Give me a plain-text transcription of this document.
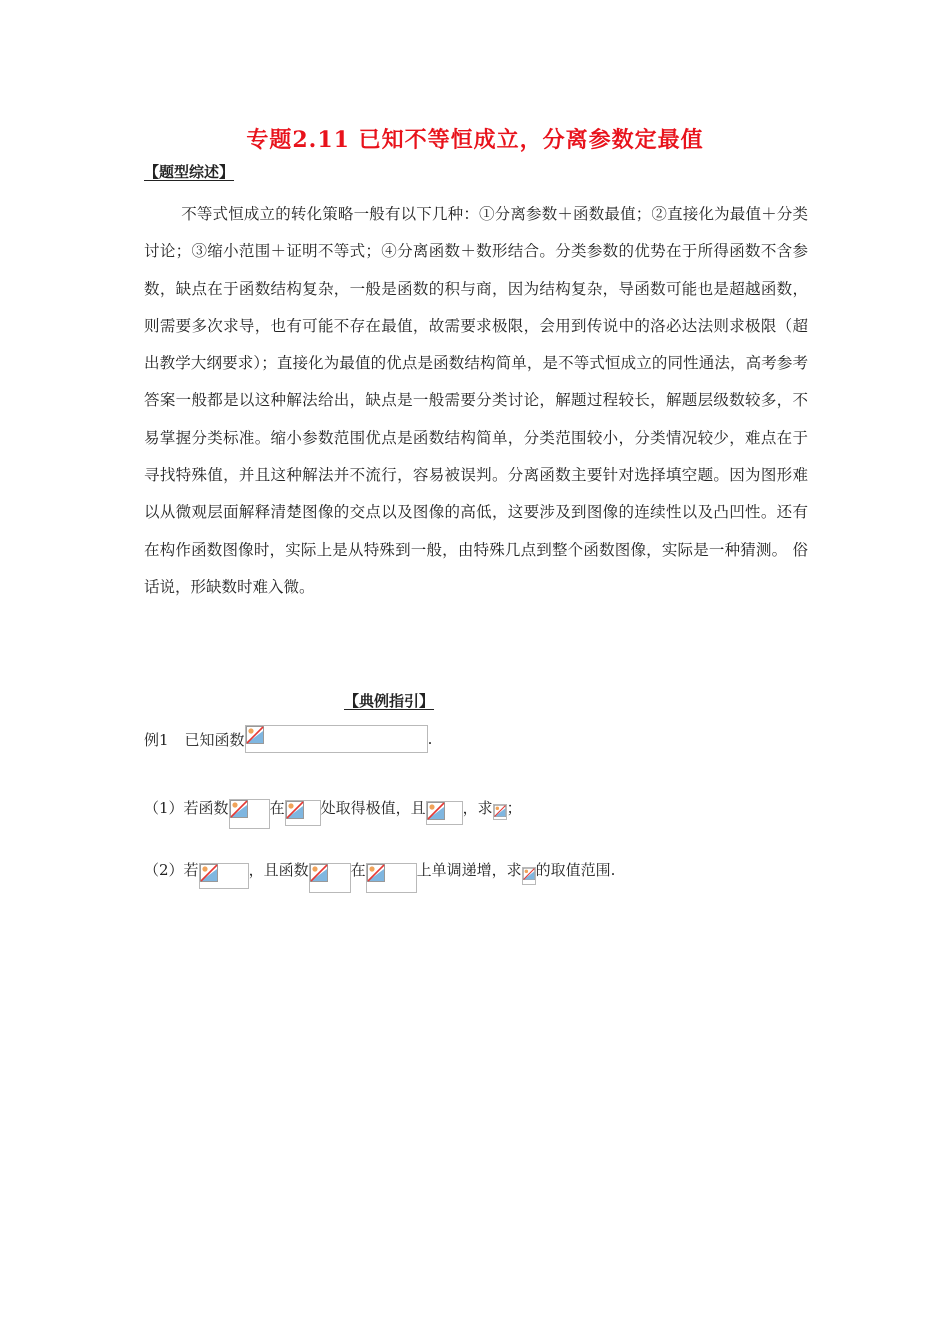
专题2.11 已知不等恒成立，分离参数定最值
【题型综述】

不等式恒成立的转化策略一般有以下几种：①分离参数＋函数最值；②直接化为最值＋分类讨论；③缩小范围＋证明不等式；④分离函数＋数形结合。分类参数的优势在于所得函数不含参数，缺点在于函数结构复杂，一般是函数的积与商，因为结构复杂，导函数可能也是超越函数，则需要多次求导，也有可能不存在最值，故需要求极限，会用到传说中的洛必达法则求极限（超出教学大纲要求）；直接化为最值的优点是函数结构简单，是不等式恒成立的同性通法，高考参考答案一般都是以这种解法给出，缺点是一般需要分类讨论，解题过程较长，解题层级数较多，不易掌握分类标准。缩小参数范围优点是函数结构简单，分类范围较小，分类情况较少，难点在于寻找特殊值，并且这种解法并不流行，容易被误判。分离函数主要针对选择填空题。因为图形难以从微观层面解释清楚图像的交点以及图像的高低，这要涉及到图像的连续性以及凸凹性。还有在构作函数图像时，实际上是从特殊到一般，由特殊几点到整个函数图像，实际是一种猜测。 俗话说，形缺数时难入微。

【典例指引】
例1 已知函数	.
（1） 若函数	在 处取得极值，且 ，求 ；
（2） 若	，且函数	在	上单调递增，求 的取值范围.
